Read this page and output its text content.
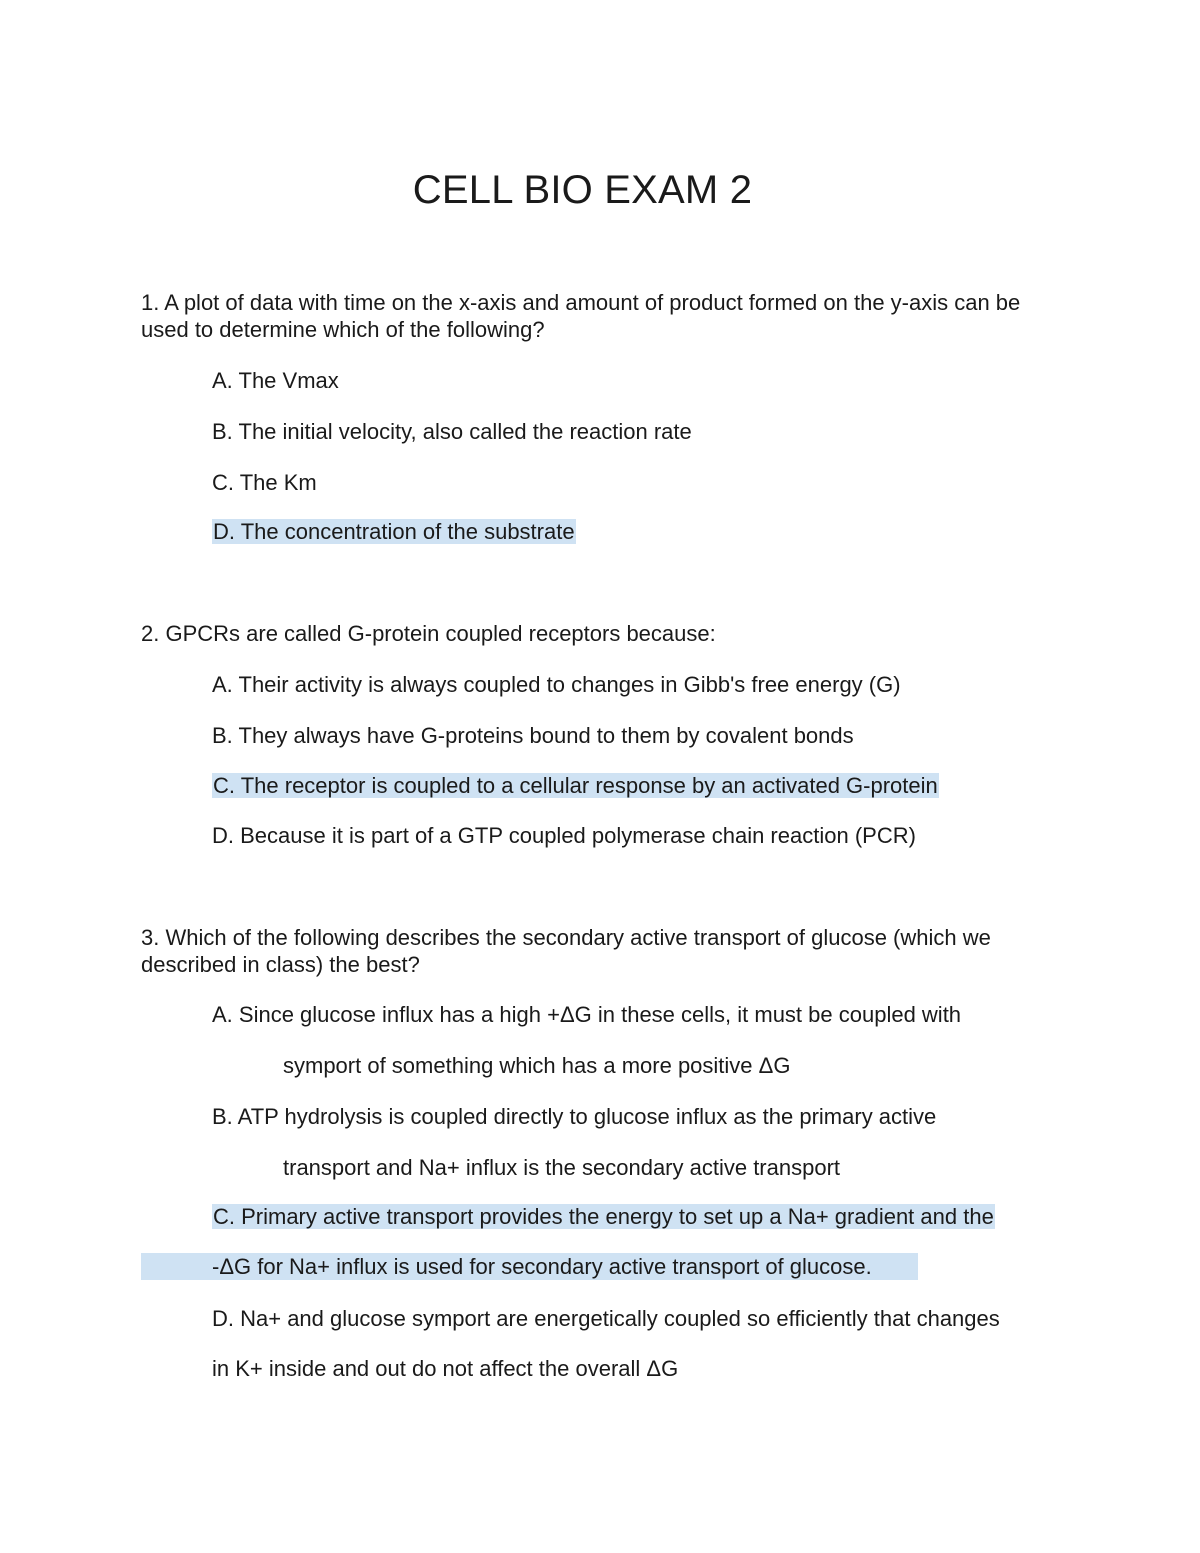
CELL BIO EXAM 2
1. A plot of data with time on the x-axis and amount of product formed on the y-axis can be used to determine which of the following?
A. The Vmax
B. The initial velocity, also called the reaction rate
C. The Km
D. The concentration of the substrate
2. GPCRs are called G-protein coupled receptors because:
A. Their activity is always coupled to changes in Gibb's free energy (G)
B. They always have G-proteins bound to them by covalent bonds
C. The receptor is coupled to a cellular response by an activated G-protein
D. Because it is part of a GTP coupled polymerase chain reaction (PCR)
3. Which of the following describes the secondary active transport of glucose (which we described in class) the best?
A. Since glucose influx has a high +ΔG in these cells, it must be coupled with
symport of something which has a more positive ΔG
B. ATP hydrolysis is coupled directly to glucose influx as the primary active
transport and Na+ influx is the secondary active transport
C. Primary active transport provides the energy to set up a Na+ gradient and the
-ΔG for Na+ influx is used for secondary active transport of glucose.
D. Na+ and glucose symport are energetically coupled so efficiently that changes
in K+ inside and out do not affect the overall ΔG
